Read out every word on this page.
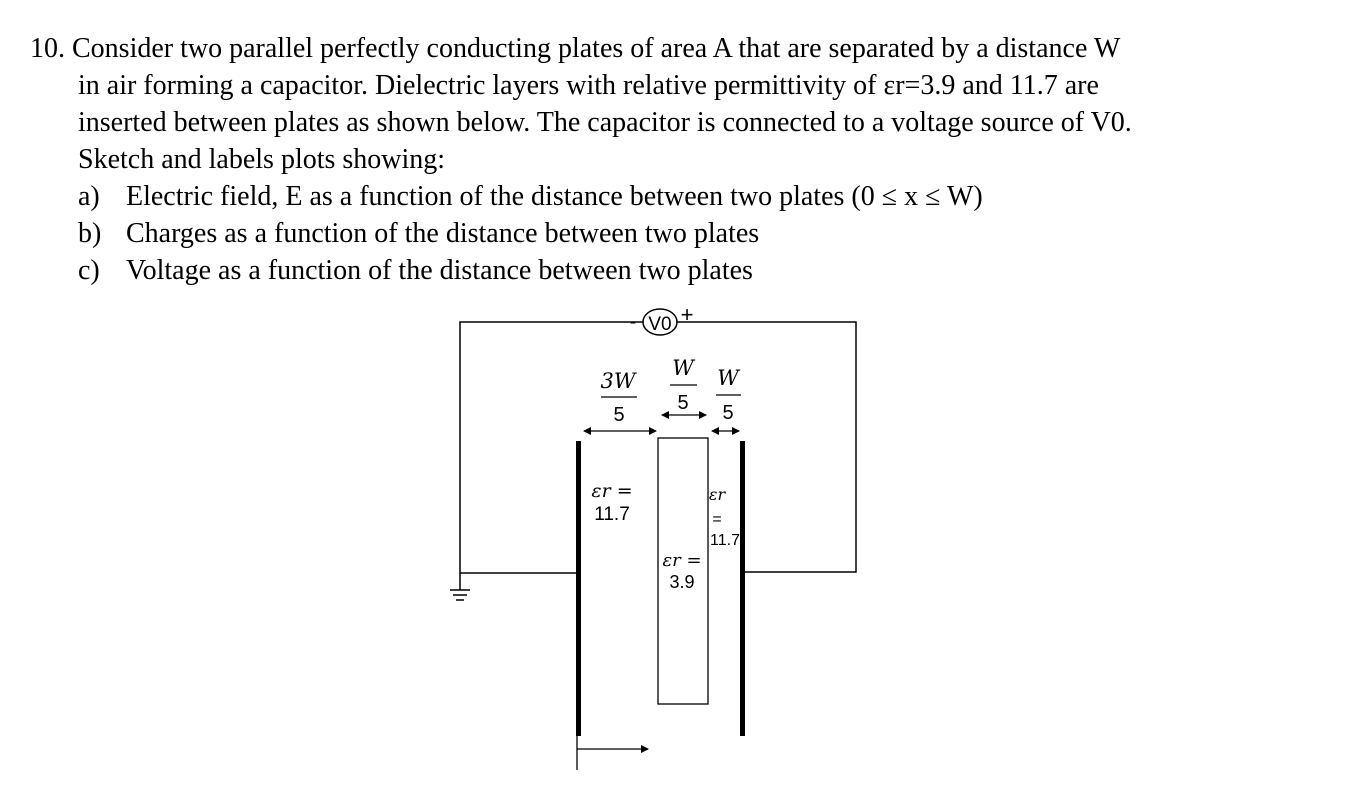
10. Consider two parallel perfectly conducting plates of area A that are separated by a distance W
in air forming a capacitor. Dielectric layers with relative permittivity of εr=3.9 and 11.7 are
inserted between plates as shown below. The capacitor is connected to a voltage source of V0.
Sketch and labels plots showing:
a) Electric field, E as a function of the distance between two plates (0 ≤ x ≤ W)
b) Charges as a function of the distance between two plates
c) Voltage as a function of the distance between two plates
V0
- +
3W
5
W
5
W
5
εr =
11.7
εr =
3.9
εr
=
11.7
